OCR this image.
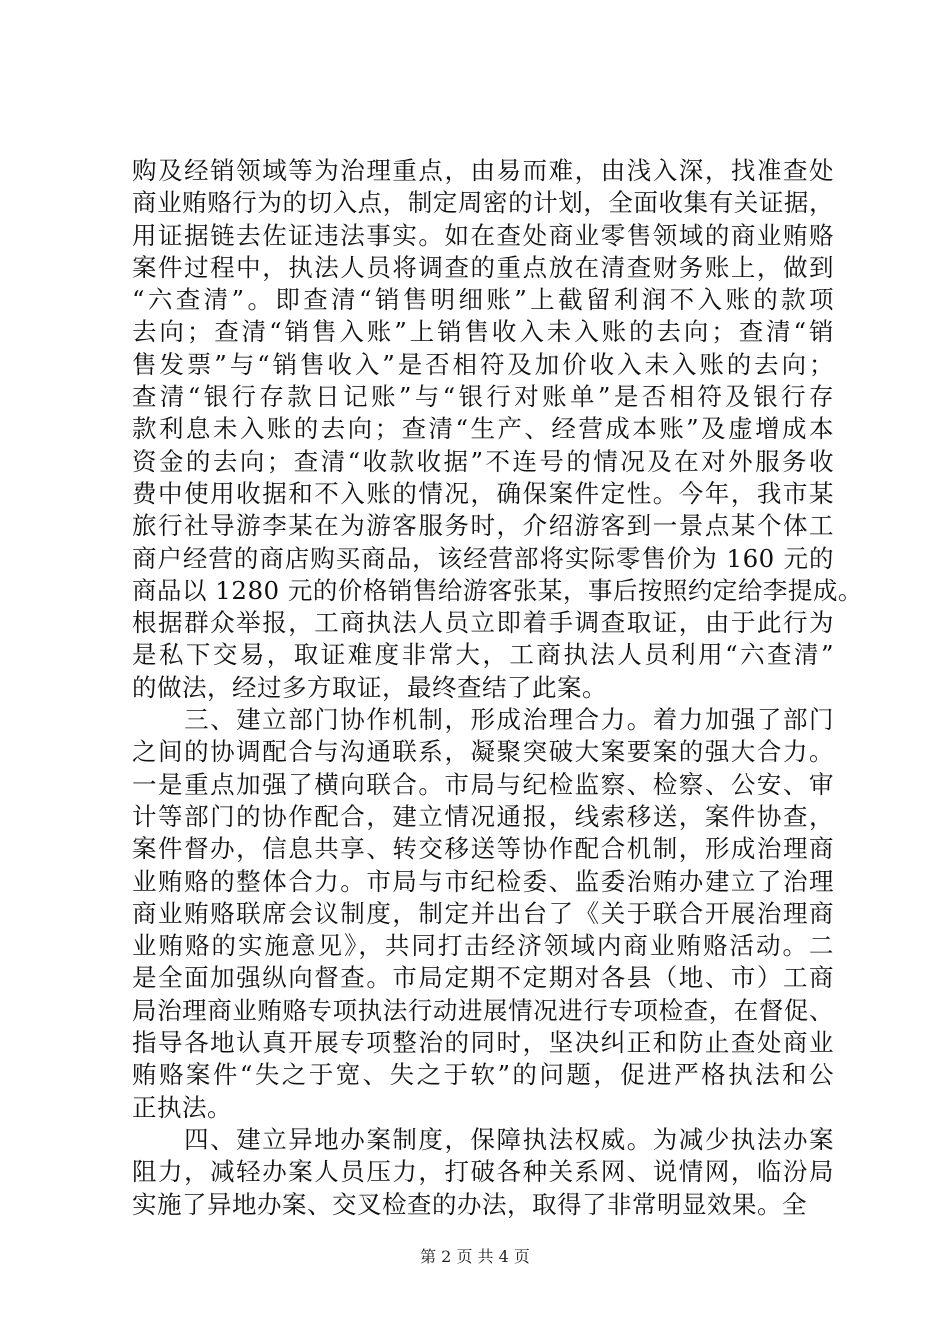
购及经销领域等为治理重点，由易而难，由浅入深，找准查处
商业贿赂行为的切入点，制定周密的计划，全面收集有关证据，
用证据链去佐证违法事实。如在查处商业零售领域的商业贿赂
案件过程中，执法人员将调查的重点放在清查财务账上，做到
“六查清”。即查清“销售明细账”上截留利润不入账的款项
去向；查清“销售入账”上销售收入未入账的去向；查清“销
售发票”与“销售收入”是否相符及加价收入未入账的去向；
查清“银行存款日记账”与“银行对账单”是否相符及银行存
款利息未入账的去向；查清“生产、经营成本账”及虚增成本
资金的去向；查清“收款收据”不连号的情况及在对外服务收
费中使用收据和不入账的情况，确保案件定性。今年，我市某
旅行社导游李某在为游客服务时，介绍游客到一景点某个体工
商户经营的商店购买商品，该经营部将实际零售价为 160 元的
商品以 1280 元的价格销售给游客张某，事后按照约定给李提成。
根据群众举报，工商执法人员立即着手调查取证，由于此行为
是私下交易，取证难度非常大，工商执法人员利用“六查清”
的做法，经过多方取证，最终查结了此案。
　　三、建立部门协作机制，形成治理合力。着力加强了部门
之间的协调配合与沟通联系，凝聚突破大案要案的强大合力。
一是重点加强了横向联合。市局与纪检监察、检察、公安、审
计等部门的协作配合，建立情况通报，线索移送，案件协查，
案件督办，信息共享、转交移送等协作配合机制，形成治理商
业贿赂的整体合力。市局与市纪检委、监委治贿办建立了治理
商业贿赂联席会议制度，制定并出台了《关于联合开展治理商
业贿赂的实施意见》，共同打击经济领域内商业贿赂活动。二
是全面加强纵向督查。市局定期不定期对各县（地、市）工商
局治理商业贿赂专项执法行动进展情况进行专项检查，在督促、
指导各地认真开展专项整治的同时，坚决纠正和防止查处商业
贿赂案件“失之于宽、失之于软”的问题，促进严格执法和公
正执法。
　　四、建立异地办案制度，保障执法权威。为减少执法办案
阻力，减轻办案人员压力，打破各种关系网、说情网，临汾局
实施了异地办案、交叉检查的办法，取得了非常明显效果。全
第 2 页 共 4 页
